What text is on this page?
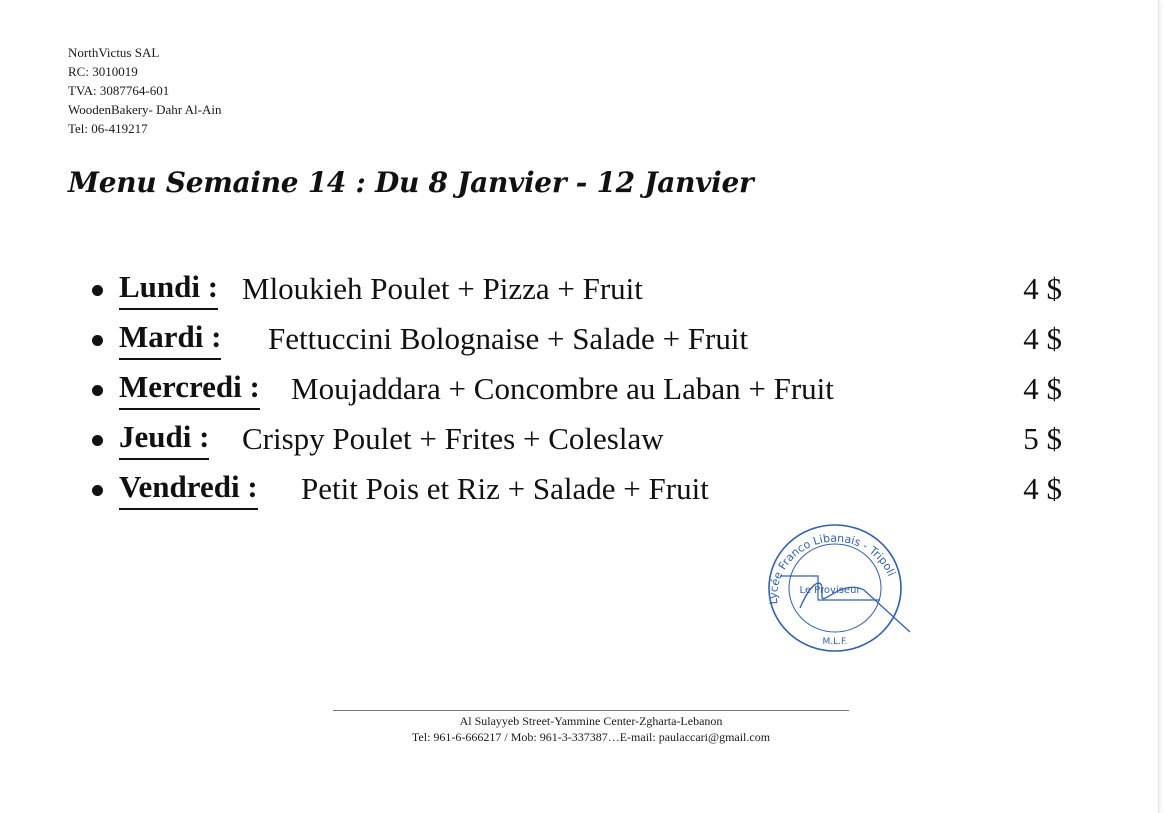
NorthVictus SAL
RC: 3010019
TVA: 3087764-601
WoodenBakery- Dahr Al-Ain
Tel: 06-419217
Menu Semaine 14 : Du 8 Janvier - 12 Janvier
Lundi : Mloukieh Poulet + Pizza + Fruit	4 $
Mardi : Fettuccini Bolognaise + Salade + Fruit	4 $
Mercredi : Moujaddara + Concombre au Laban + Fruit	4 $
Jeudi : Crispy Poulet + Frites + Coleslaw	5 $
Vendredi : Petit Pois et Riz + Salade + Fruit	4 $
Lycée Franco Libanais - Tripoli
Le Proviseur
M.L.F.
Al Sulayyeb Street-Yammine Center-Zgharta-Lebanon
Tel: 961-6-666217 / Mob: 961-3-337387…E-mail: paulaccari@gmail.com
